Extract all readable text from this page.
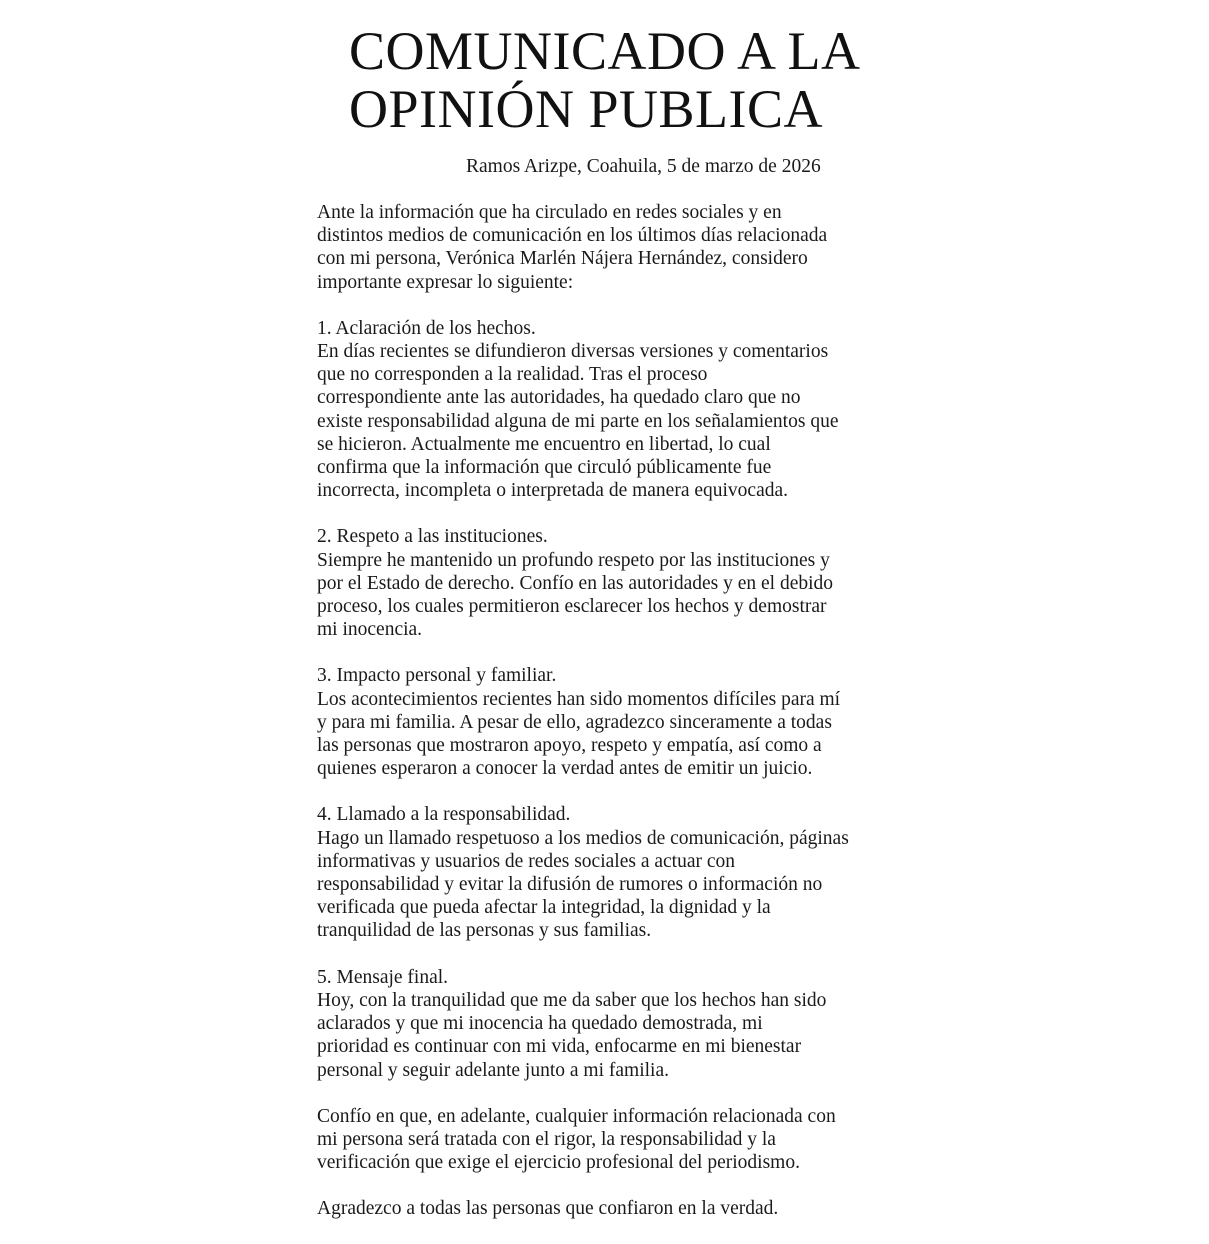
COMUNICADO A LA
OPINIÓN PUBLICA
Ramos Arizpe, Coahuila, 5 de marzo de 2026

Ante la información que ha circulado en redes sociales y en
distintos medios de comunicación en los últimos días relacionada
con mi persona, Verónica Marlén Nájera Hernández, considero
importante expresar lo siguiente:

1. Aclaración de los hechos.
En días recientes se difundieron diversas versiones y comentarios
que no corresponden a la realidad. Tras el proceso
correspondiente ante las autoridades, ha quedado claro que no
existe responsabilidad alguna de mi parte en los señalamientos que
se hicieron. Actualmente me encuentro en libertad, lo cual
confirma que la información que circuló públicamente fue
incorrecta, incompleta o interpretada de manera equivocada.

2. Respeto a las instituciones.
Siempre he mantenido un profundo respeto por las instituciones y
por el Estado de derecho. Confío en las autoridades y en el debido
proceso, los cuales permitieron esclarecer los hechos y demostrar
mi inocencia.

3. Impacto personal y familiar.
Los acontecimientos recientes han sido momentos difíciles para mí
y para mi familia. A pesar de ello, agradezco sinceramente a todas
las personas que mostraron apoyo, respeto y empatía, así como a
quienes esperaron a conocer la verdad antes de emitir un juicio.

4. Llamado a la responsabilidad.
Hago un llamado respetuoso a los medios de comunicación, páginas
informativas y usuarios de redes sociales a actuar con
responsabilidad y evitar la difusión de rumores o información no
verificada que pueda afectar la integridad, la dignidad y la
tranquilidad de las personas y sus familias.

5. Mensaje final.
Hoy, con la tranquilidad que me da saber que los hechos han sido
aclarados y que mi inocencia ha quedado demostrada, mi
prioridad es continuar con mi vida, enfocarme en mi bienestar
personal y seguir adelante junto a mi familia.

Confío en que, en adelante, cualquier información relacionada con
mi persona será tratada con el rigor, la responsabilidad y la
verificación que exige el ejercicio profesional del periodismo.

Agradezco a todas las personas que confiaron en la verdad.
